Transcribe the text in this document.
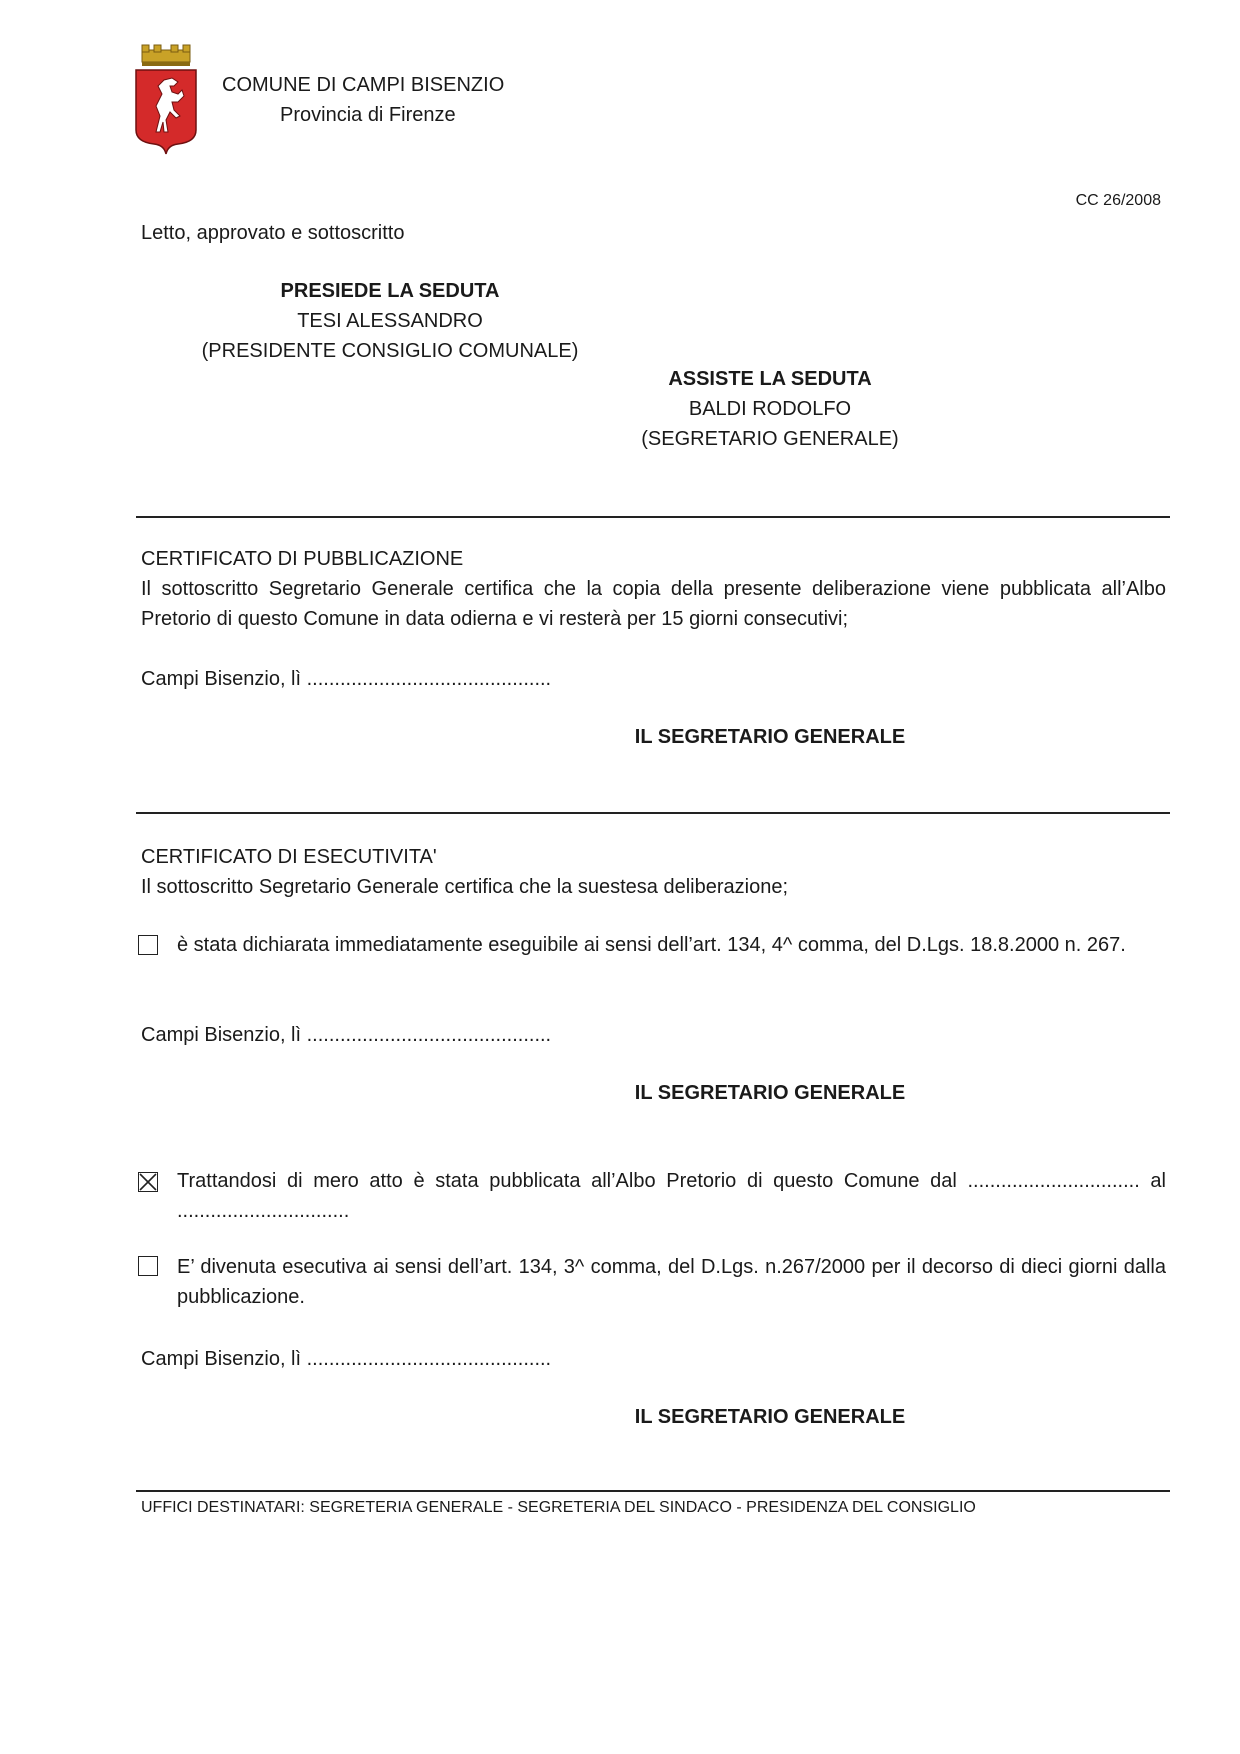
COMUNE DI CAMPI BISENZIO
Provincia di Firenze
CC 26/2008
Letto, approvato e sottoscritto
PRESIEDE LA SEDUTA
TESI ALESSANDRO
(PRESIDENTE CONSIGLIO COMUNALE)
ASSISTE LA SEDUTA
BALDI RODOLFO
(SEGRETARIO GENERALE)
CERTIFICATO DI PUBBLICAZIONE
Il sottoscritto Segretario Generale certifica che la copia della presente deliberazione viene pubblicata all’Albo Pretorio di questo Comune in data odierna e vi resterà per 15 giorni consecutivi;
Campi Bisenzio, lì ............................................
IL SEGRETARIO GENERALE
CERTIFICATO DI ESECUTIVITA'
Il sottoscritto Segretario Generale certifica che la suestesa deliberazione;
è stata dichiarata immediatamente eseguibile ai sensi dell’art. 134, 4^ comma, del D.Lgs. 18.8.2000 n. 267.
Campi Bisenzio, lì ............................................
IL SEGRETARIO GENERALE
Trattandosi di mero atto è stata pubblicata all’Albo Pretorio di questo Comune dal ............................... al ...............................
E’ divenuta esecutiva ai sensi dell’art. 134, 3^ comma, del D.Lgs. n.267/2000 per il decorso di dieci giorni dalla pubblicazione.
Campi Bisenzio, lì ............................................
IL SEGRETARIO GENERALE
UFFICI DESTINATARI: SEGRETERIA GENERALE - SEGRETERIA DEL SINDACO - PRESIDENZA DEL CONSIGLIO
